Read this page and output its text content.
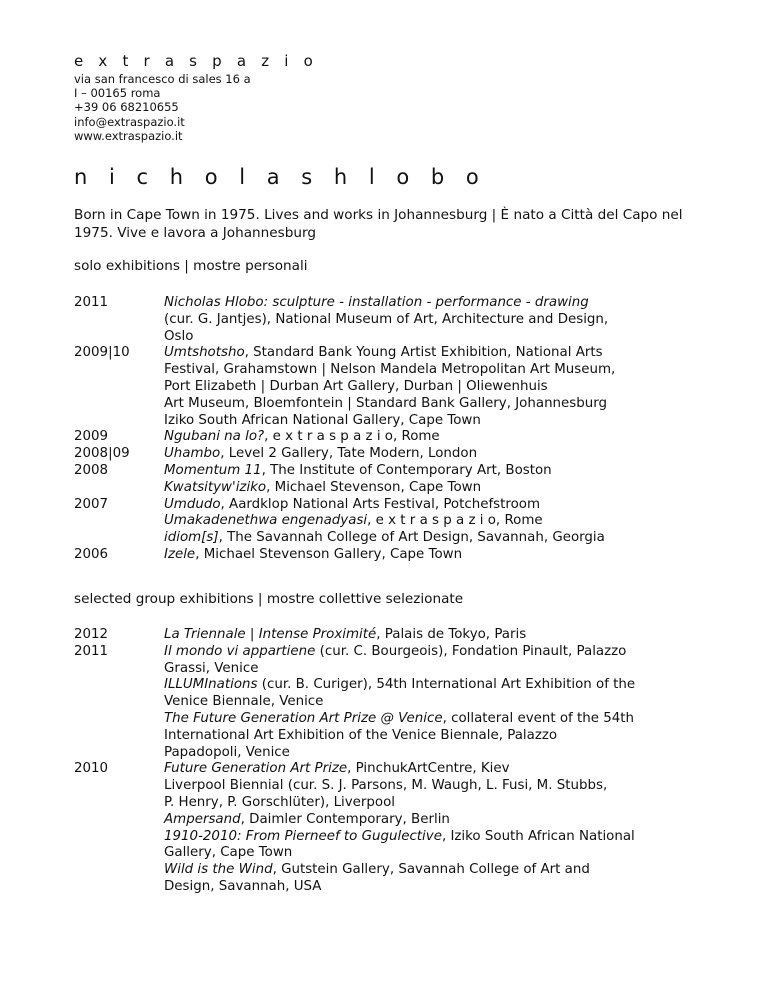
e x t r a s p a z i o
via san francesco di sales 16 a
I – 00165 roma
+39 06 68210655
info@extraspazio.it
www.extraspazio.it
n i c h o l a s h l o b o
Born in Cape Town in 1975. Lives and works in Johannesburg | È nato a Città del Capo nel 1975. Vive e lavora a Johannesburg
solo exhibitions | mostre personali
2011	Nicholas Hlobo: sculpture - installation - performance - drawing
(cur. G. Jantjes), National Museum of Art, Architecture and Design,
Oslo
2009|10	Umtshotsho, Standard Bank Young Artist Exhibition, National Arts
Festival, Grahamstown | Nelson Mandela Metropolitan Art Museum,
Port Elizabeth | Durban Art Gallery, Durban | Oliewenhuis
Art Museum, Bloemfontein | Standard Bank Gallery, Johannesburg
Iziko South African National Gallery, Cape Town
2009	Ngubani na lo?, e x t r a s p a z i o, Rome
2008|09	Uhambo, Level 2 Gallery, Tate Modern, London
2008	Momentum 11, The Institute of Contemporary Art, Boston
Kwatsityw'iziko, Michael Stevenson, Cape Town
2007	Umdudo, Aardklop National Arts Festival, Potchefstroom
Umakadenethwa engenadyasi, e x t r a s p a z i o, Rome
idiom[s], The Savannah College of Art Design, Savannah, Georgia
2006	Izele, Michael Stevenson Gallery, Cape Town
selected group exhibitions | mostre collettive selezionate
2012	La Triennale | Intense Proximité, Palais de Tokyo, Paris
2011	Il mondo vi appartiene (cur. C. Bourgeois), Fondation Pinault, Palazzo
Grassi, Venice
ILLUMInations (cur. B. Curiger), 54th International Art Exhibition of the
Venice Biennale, Venice
The Future Generation Art Prize @ Venice, collateral event of the 54th
International Art Exhibition of the Venice Biennale, Palazzo
Papadopoli, Venice
2010	Future Generation Art Prize, PinchukArtCentre, Kiev
Liverpool Biennial (cur. S. J. Parsons, M. Waugh, L. Fusi, M. Stubbs,
P. Henry, P. Gorschlüter), Liverpool
Ampersand, Daimler Contemporary, Berlin
1910-2010: From Pierneef to Gugulective, Iziko South African National
Gallery, Cape Town
Wild is the Wind, Gutstein Gallery, Savannah College of Art and
Design, Savannah, USA
